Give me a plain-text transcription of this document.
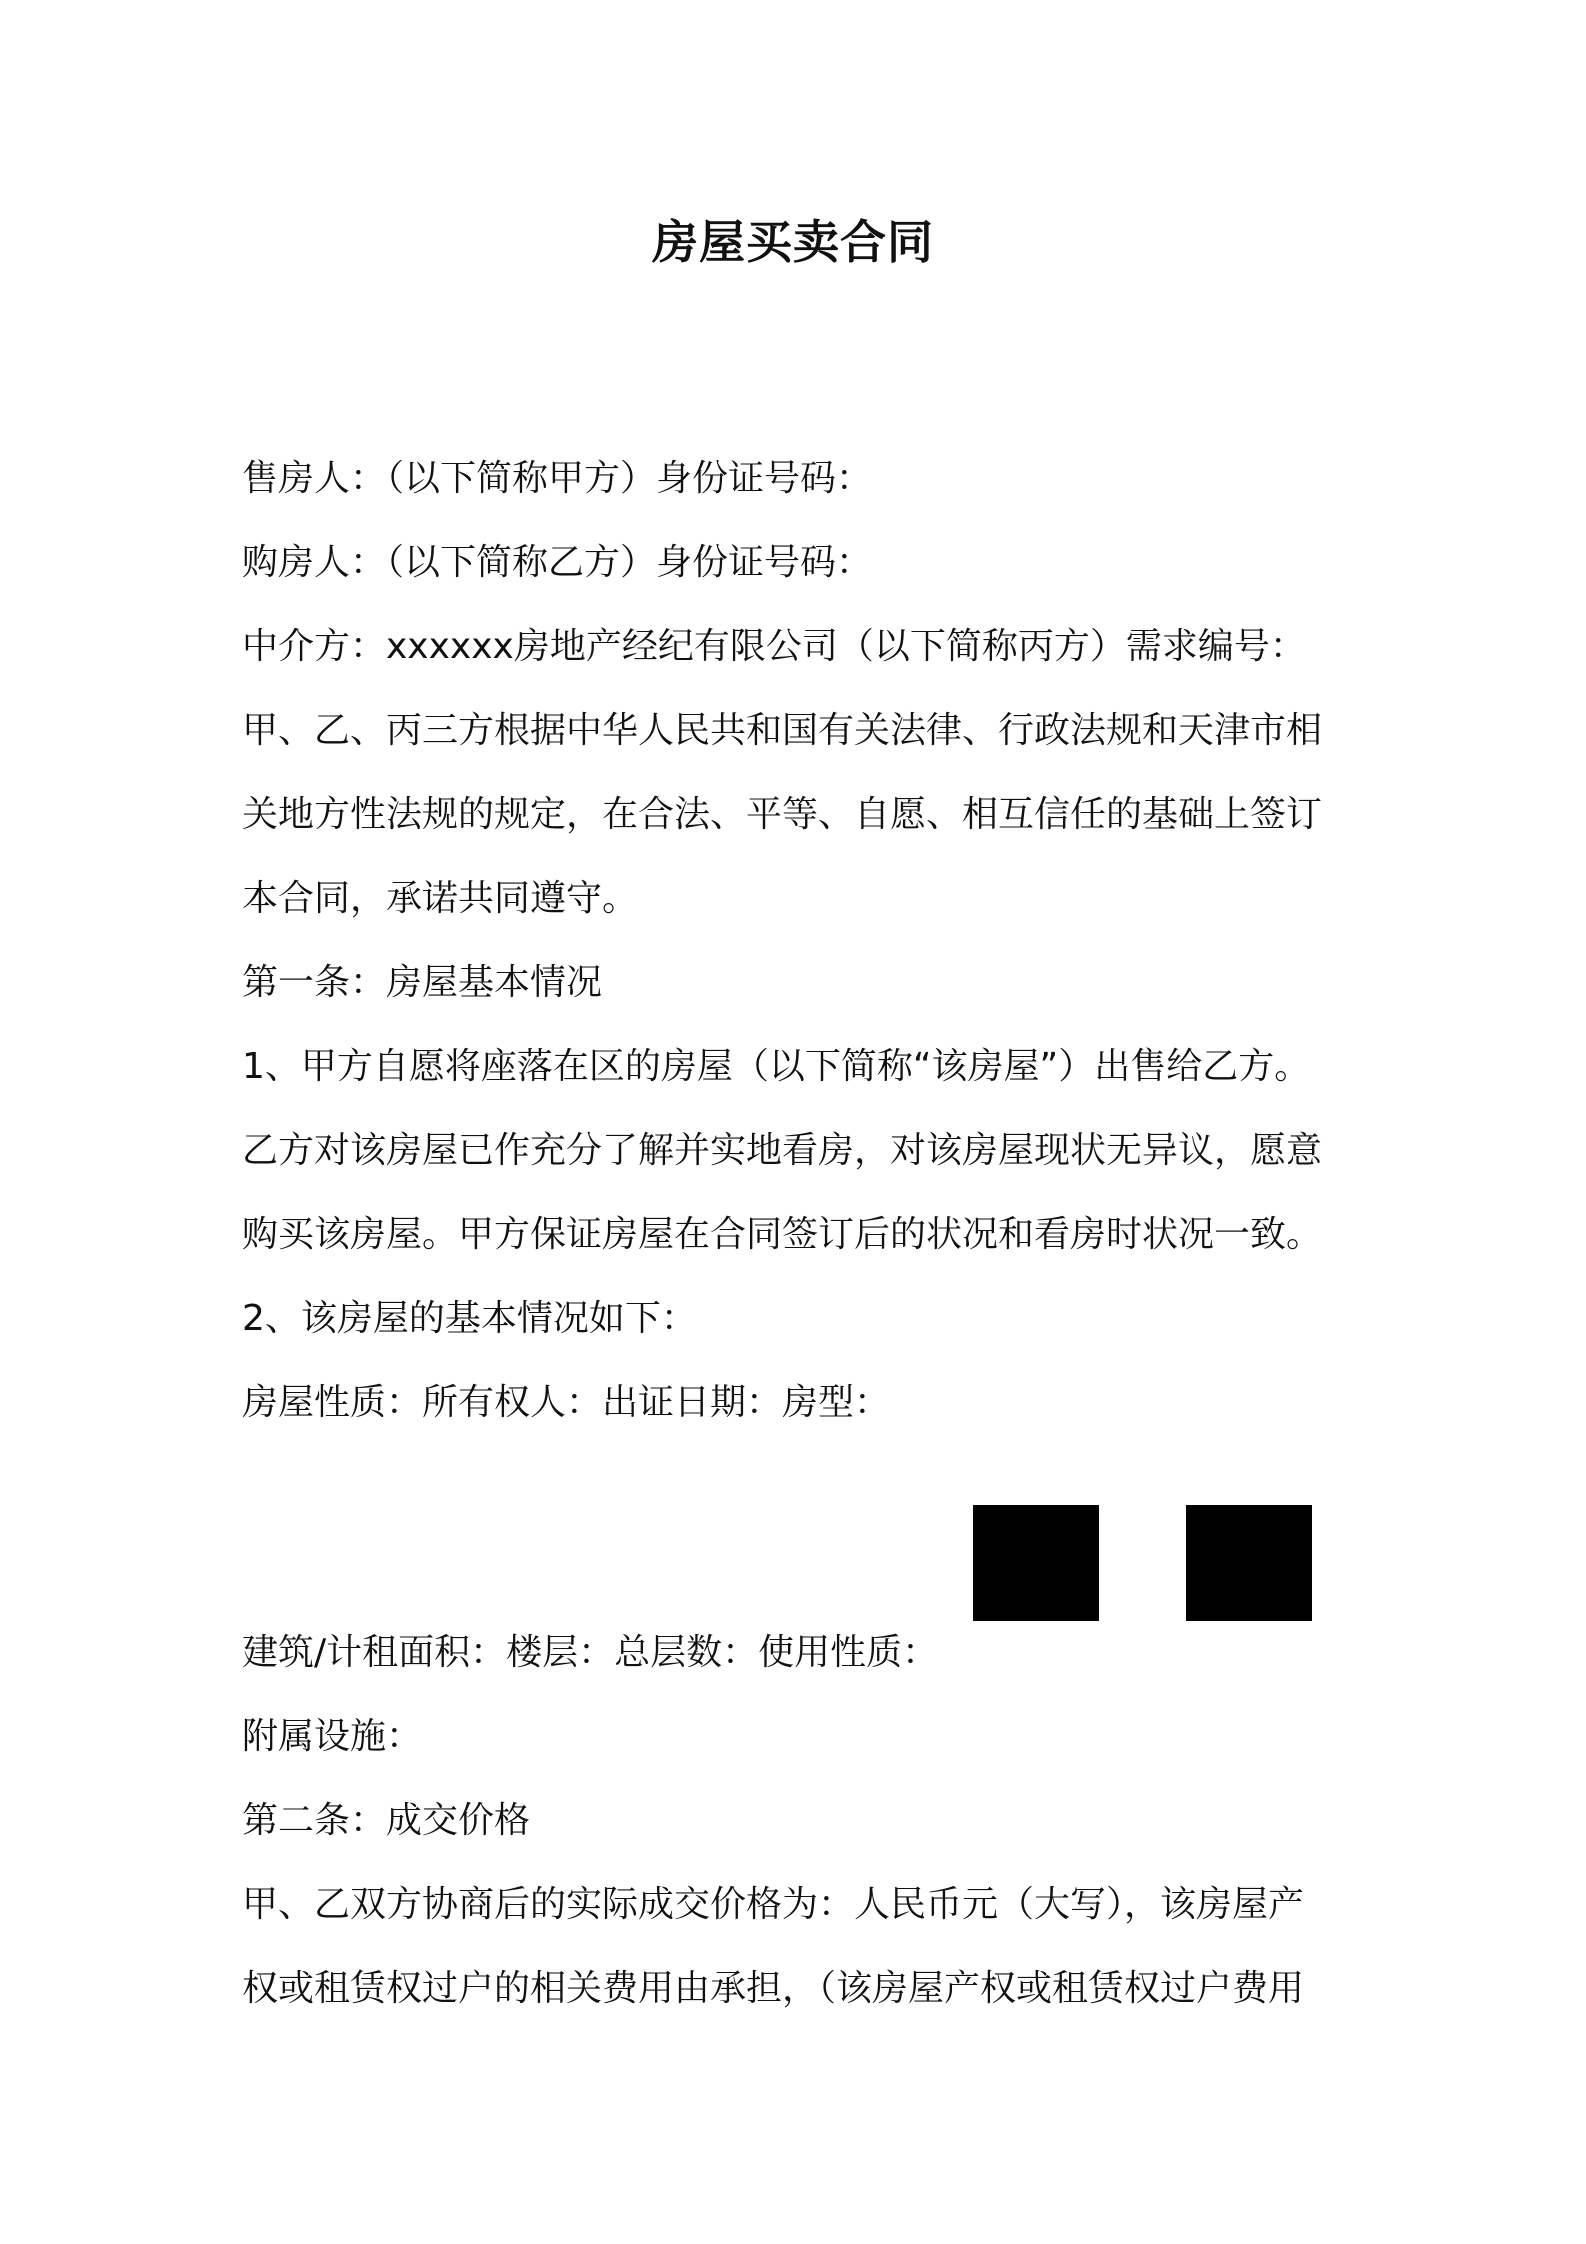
房屋买卖合同

售房人：（以下简称甲方）身份证号码：

购房人：（以下简称乙方）身份证号码：

中介方：xxxxxx房地产经纪有限公司（以下简称丙方）需求编号：

甲、乙、丙三方根据中华人民共和国有关法律、行政法规和天津市相

关地方性法规的规定，在合法、平等、自愿、相互信任的基础上签订

本合同，承诺共同遵守。

第一条：房屋基本情况

1、甲方自愿将座落在区的房屋（以下简称“该房屋”）出售给乙方。

乙方对该房屋已作充分了解并实地看房，对该房屋现状无异议，愿意

购买该房屋。甲方保证房屋在合同签订后的状况和看房时状况一致。

2、该房屋的基本情况如下：

房屋性质：所有权人：出证日期：房型：

建筑/计租面积：楼层：总层数：使用性质：

附属设施：

第二条：成交价格

甲、乙双方协商后的实际成交价格为：人民币元（大写），该房屋产

权或租赁权过户的相关费用由承担，（该房屋产权或租赁权过户费用
